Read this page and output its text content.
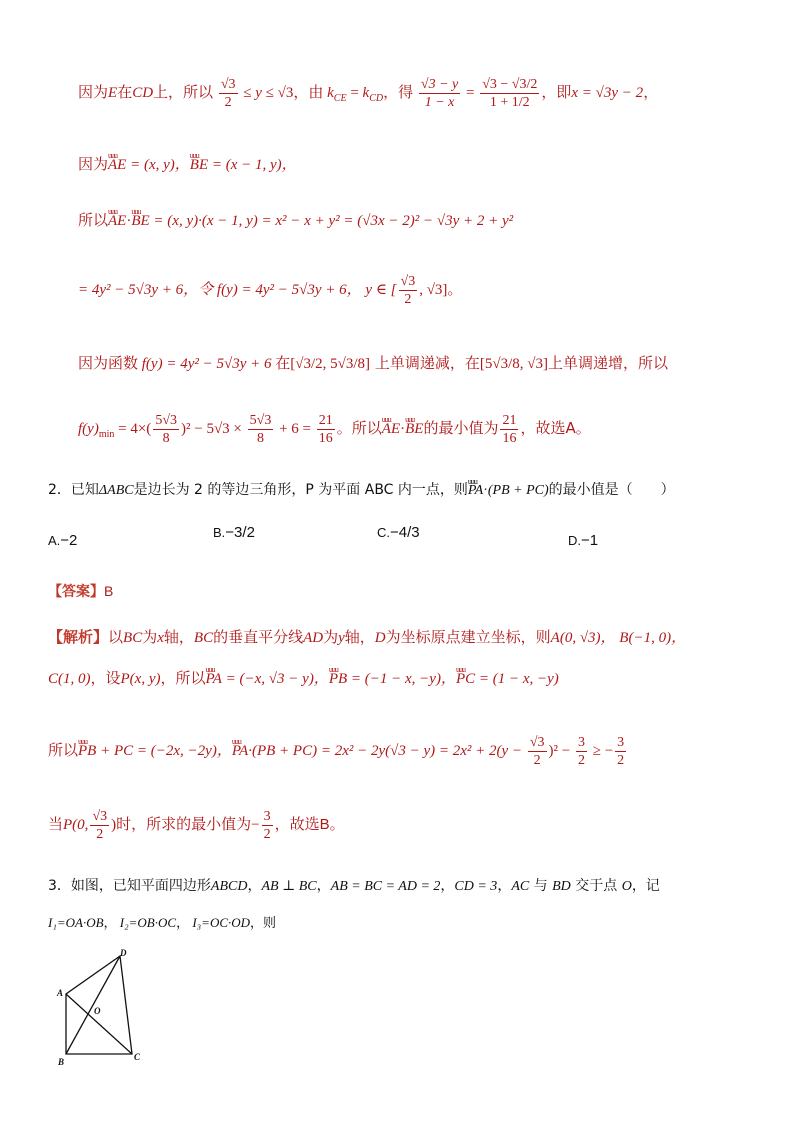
因为E在CD上，所以 $\frac{√3}{2} \le y \le √3$，由 $k_{CE} = k_{CD}$，得 $\frac{√3 - y}{1 - x} = \frac{√3 - √3/2}{1 + 1/2}$ ，即x = √3y − 2，
因为uuu AE = (x, y)，uuu BE = (x − 1, y)，
所以uuu AE·uuu BE = (x, y)·(x − 1, y) = x² − x + y² = (√3x − 2)² − √3y + 2 + y²
= 4y² − 5√3y + 6，令 f(y) = 4y² − 5√3y + 6， y ∈ [ $\frac{√3}{2}$ , √3]。
因为函数 f(y) = 4y² − 5√3y + 6 在[√3/2, 5√3/8] 上单调递减，在[5√3/8, √3]上单调递增，所以
$f(y)_{min} = 4\times( \frac{5√3}{8} )^2 - 5√3 \times \frac{5√3}{8} + 6 = \frac{21}{16}$ 。所以uuu AE·uuu BE的最小值为 $\frac{21}{16}$ ，故选A。
2．已知ΔABC是边长为 2 的等边三角形，P 为平面 ABC 内一点，则uuu PA·(PB + PC)的最小值是（　　）
A.−2	B.−3/2	C.−4/3	D.−1
【答案】B
【解析】以BC为x轴，BC的垂直平分线AD为y轴，D为坐标原点建立坐标，则A(0, √3)， B(−1, 0)，
C(1, 0)，设P(x, y)，所以uuu PA = (−x, √3 − y)，uuu PB = (−1 − x, −y)，uuu PC = (1 − x, −y)
所以uuu PB + PC = (−2x, −2y)，uuu $PA\cdot(PB + PC) = 2x^2 - 2y(√3 - y) = 2x^2 + 2(y - \frac{√3}{2} )^2 - \frac{3}{2}$ ≥ − $\frac{3}{2}$
当P(0, $\frac{√3}{2}$ )时，所求的最小值为− $\frac{3}{2}$ ，故选B。
3．如图，已知平面四边形ABCD，AB ⊥ BC，AB = BC = AD = 2，CD = 3，AC 与 BD 交于点 O，记
I₁=OA·OB， I₂=OB·OC， I₃=OC·OD，则
A
B	C
D
O
